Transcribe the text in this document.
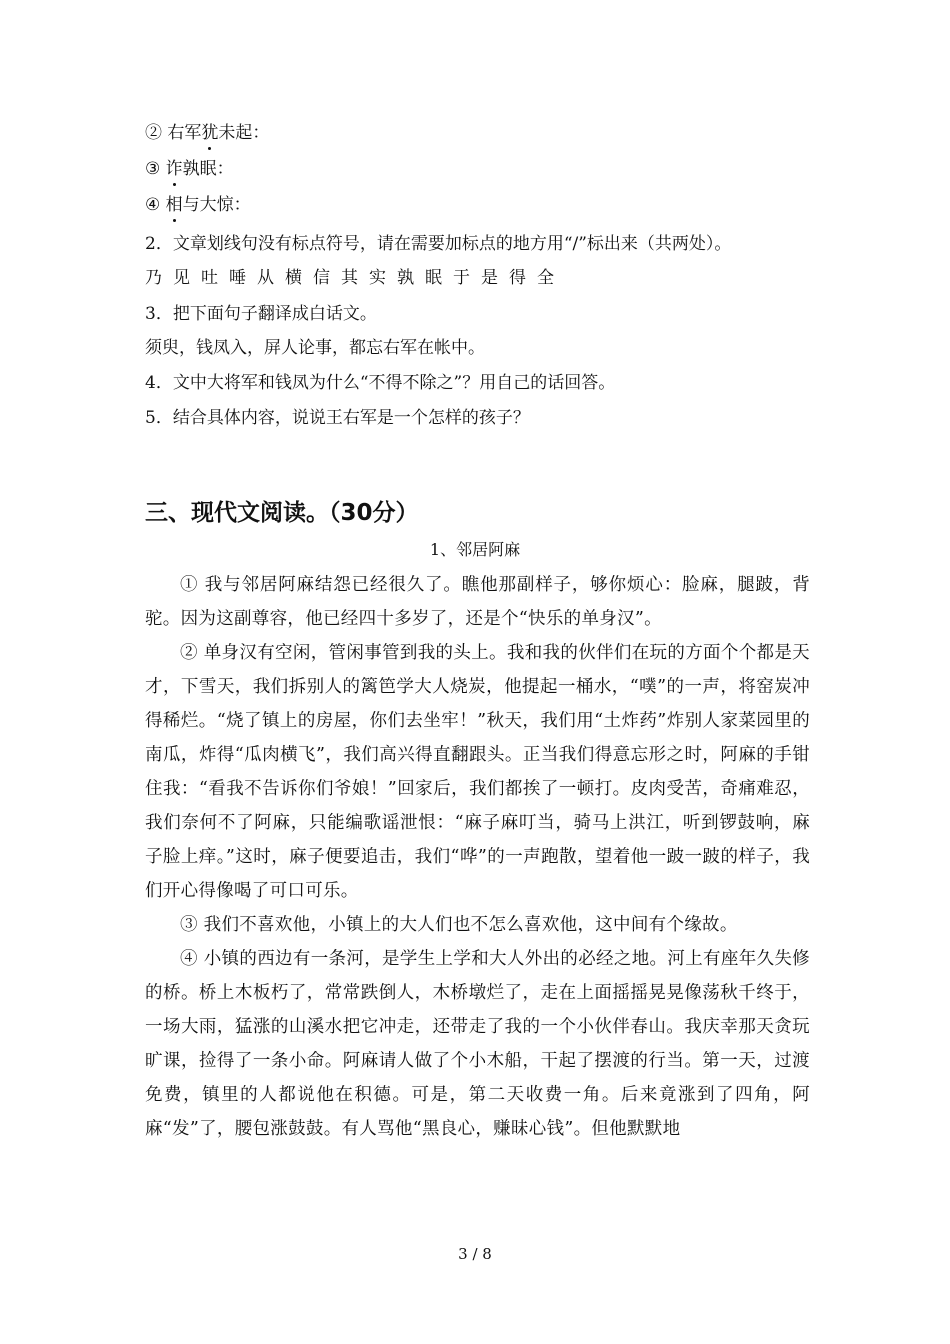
② 右军犹未起：
③ 诈孰眠：
④ 相与大惊：
2．文章划线句没有标点符号，请在需要加标点的地方用“/”标出来（共两处）。
乃见吐唾从横信其实孰眠于是得全
3．把下面句子翻译成白话文。
须臾，钱凤入，屏人论事，都忘右军在帐中。
4．文中大将军和钱凤为什么“不得不除之”？用自己的话回答。
5．结合具体内容，说说王右军是一个怎样的孩子？
三、现代文阅读。（30分）
1、邻居阿麻

① 我与邻居阿麻结怨已经很久了。瞧他那副样子，够你烦心：脸麻，腿跛，背驼。因为这副尊容，他已经四十多岁了，还是个“快乐的单身汉”。

② 单身汉有空闲，管闲事管到我的头上。我和我的伙伴们在玩的方面个个都是天才，下雪天，我们拆别人的篱笆学大人烧炭，他提起一桶水，“噗”的一声，将窑炭冲得稀烂。“烧了镇上的房屋，你们去坐牢！”秋天，我们用“土炸药”炸别人家菜园里的南瓜，炸得“瓜肉横飞”，我们高兴得直翻跟头。正当我们得意忘形之时，阿麻的手钳住我：“看我不告诉你们爷娘！”回家后，我们都挨了一顿打。皮肉受苦，奇痛难忍，我们奈何不了阿麻，只能编歌谣泄恨：“麻子麻叮当，骑马上洪江，听到锣鼓响，麻子脸上痒。”这时，麻子便要追击，我们“哗”的一声跑散，望着他一跛一跛的样子，我们开心得像喝了可口可乐。

③ 我们不喜欢他，小镇上的大人们也不怎么喜欢他，这中间有个缘故。

④ 小镇的西边有一条河，是学生上学和大人外出的必经之地。河上有座年久失修的桥。桥上木板朽了，常常跌倒人，木桥墩烂了，走在上面摇摇晃晃像荡秋千终于，一场大雨，猛涨的山溪水把它冲走，还带走了我的一个小伙伴春山。我庆幸那天贪玩旷课，捡得了一条小命。阿麻请人做了个小木船，干起了摆渡的行当。第一天，过渡免费，镇里的人都说他在积德。可是，第二天收费一角。后来竟涨到了四角，阿麻“发”了，腰包涨鼓鼓。有人骂他“黑良心，赚昧心钱”。但他默默地

3 / 8
